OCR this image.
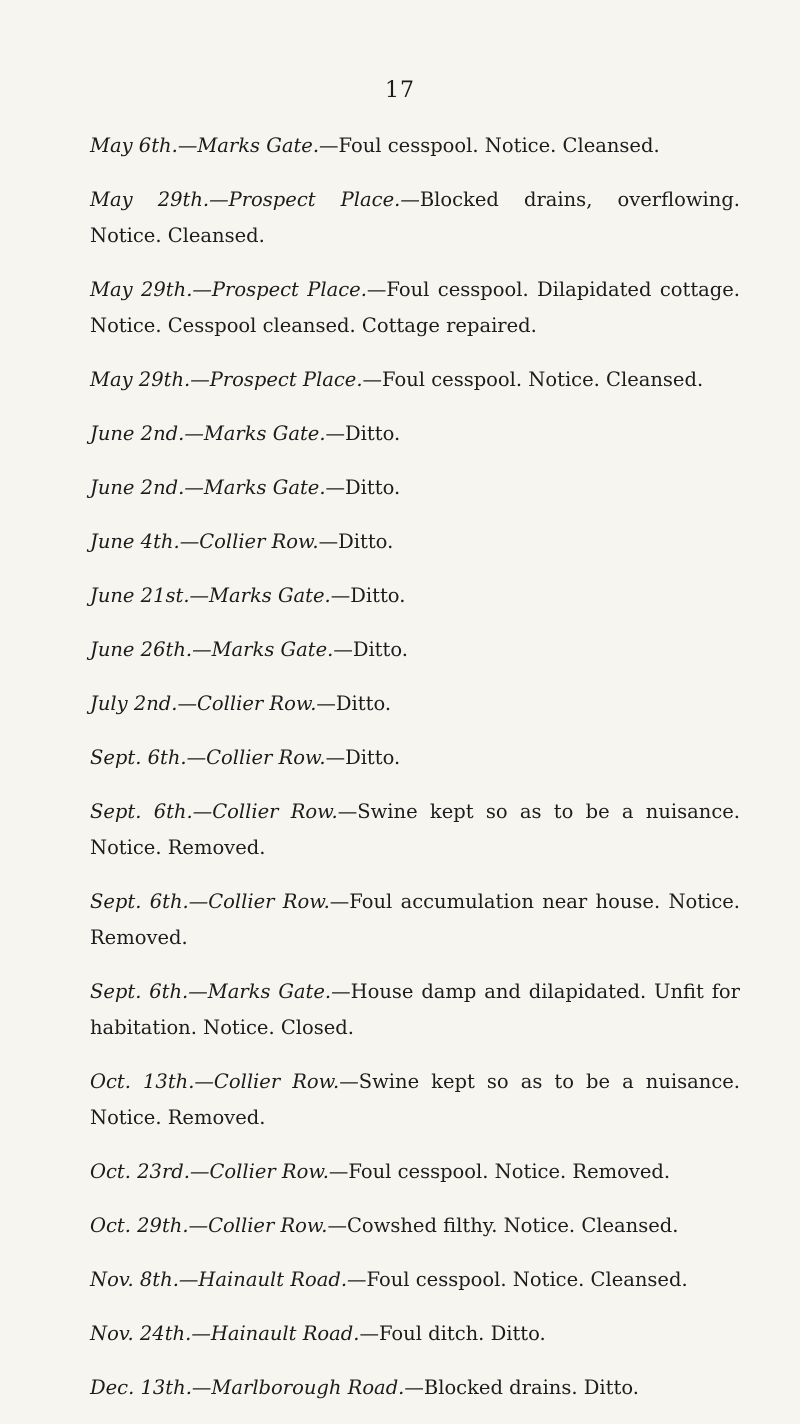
17

May 6th.—Marks Gate.—Foul cesspool. Notice. Cleansed.

May 29th.—Prospect Place.—Blocked drains, overflowing. Notice. Cleansed.

May 29th.—Prospect Place.—Foul cesspool. Dilapidated cottage. Notice. Cesspool cleansed. Cottage repaired.

May 29th.—Prospect Place.—Foul cesspool. Notice. Cleansed.

June 2nd.—Marks Gate.—Ditto.

June 2nd.—Marks Gate.—Ditto.

June 4th.—Collier Row.—Ditto.

June 21st.—Marks Gate.—Ditto.

June 26th.—Marks Gate.—Ditto.

July 2nd.—Collier Row.—Ditto.

Sept. 6th.—Collier Row.—Ditto.

Sept. 6th.—Collier Row.—Swine kept so as to be a nuisance. Notice. Removed.

Sept. 6th.—Collier Row.—Foul accumulation near house. Notice. Removed.

Sept. 6th.—Marks Gate.—House damp and dilapidated. Unfit for habitation. Notice. Closed.

Oct. 13th.—Collier Row.—Swine kept so as to be a nuisance. Notice. Removed.

Oct. 23rd.—Collier Row.—Foul cesspool. Notice. Removed.

Oct. 29th.—Collier Row.—Cowshed filthy. Notice. Cleansed.

Nov. 8th.—Hainault Road.—Foul cesspool. Notice. Cleansed.

Nov. 24th.—Hainault Road.—Foul ditch. Ditto.

Dec. 13th.—Marlborough Road.—Blocked drains. Ditto.
